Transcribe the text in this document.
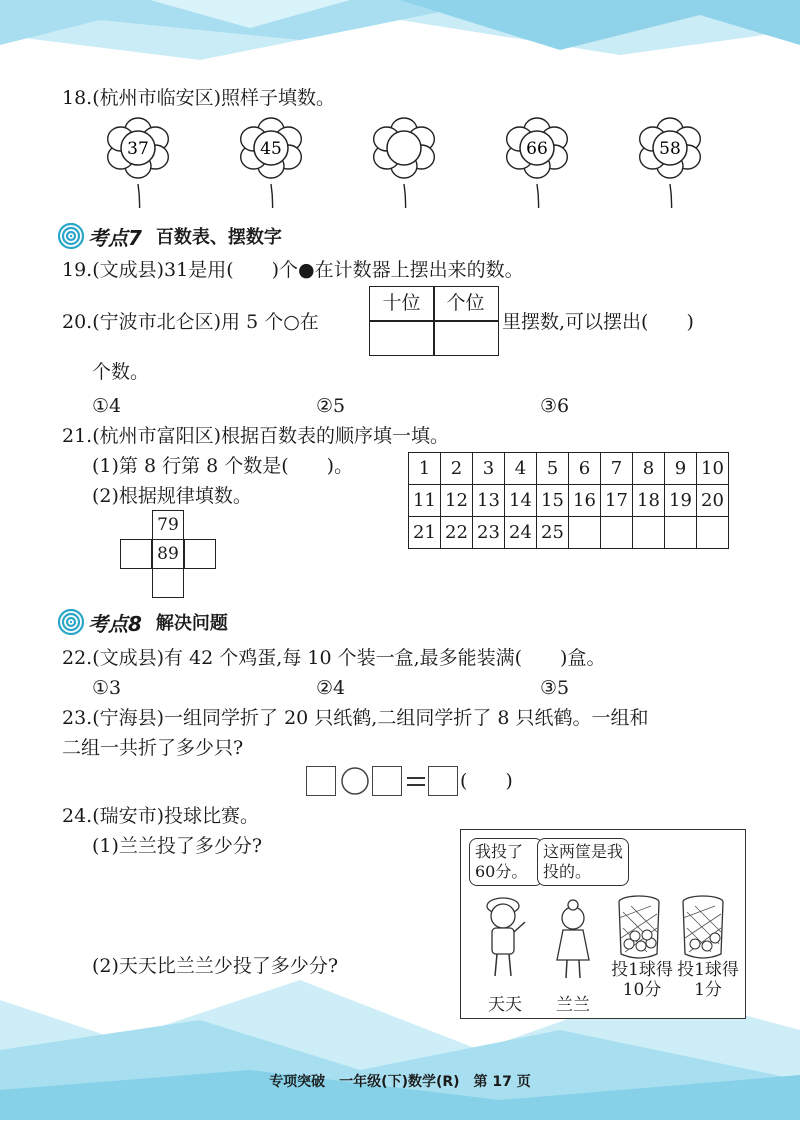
18.(杭州市临安区)照样子填数。
37	45	66	58
考点7 百数表、摆数字
19.(文成县)31是用(　　)个●在计数器上摆出来的数。
20.(宁波市北仑区)用 5 个○在
十位	个位
里摆数,可以摆出(　　)
个数。
①4	②5	③6
21.(杭州市富阳区)根据百数表的顺序填一填。
(1)第 8 行第 8 个数是(　　)。
(2)根据规律填数。
1	2	3	4	5	6	7	8	9	10
11	12	13	14	15	16	17	18	19	20
21	22	23	24	25					
79
89
考点8 解决问题
22.(文成县)有 42 个鸡蛋,每 10 个装一盒,最多能装满(　　)盒。
①3	②4	③5
23.(宁海县)一组同学折了 20 只纸鹤,二组同学折了 8 只纸鹤。一组和
二组一共折了多少只?
(　　)
24.(瑞安市)投球比赛。
(1)兰兰投了多少分?
(2)天天比兰兰少投了多少分?
我投了60分。
这两筐是我投的。
天天	兰兰
投1球得10分
投1球得1分
专项突破　一年级(下)数学(R)　第 17 页
